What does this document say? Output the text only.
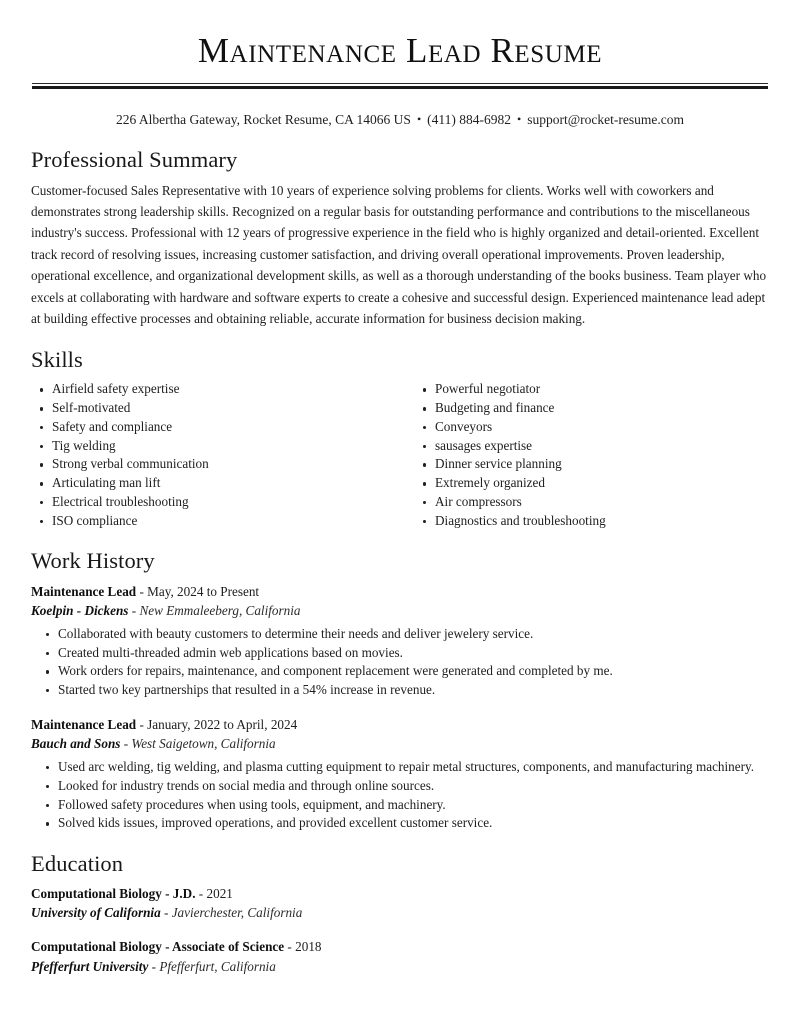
Maintenance Lead Resume
226 Albertha Gateway, Rocket Resume, CA 14066 US • (411) 884-6982 • support@rocket-resume.com
Professional Summary

Customer-focused Sales Representative with 10 years of experience solving problems for clients. Works well with coworkers and demonstrates strong leadership skills. Recognized on a regular basis for outstanding performance and contributions to the miscellaneous industry's success. Professional with 12 years of progressive experience in the field who is highly organized and detail-oriented. Excellent track record of resolving issues, increasing customer satisfaction, and driving overall operational improvements. Proven leadership, operational excellence, and organizational development skills, as well as a thorough understanding of the books business. Team player who excels at collaborating with hardware and software experts to create a cohesive and successful design. Experienced maintenance lead adept at building effective processes and obtaining reliable, accurate information for business decision making.

Skills
Airfield safety expertise
Self-motivated
Safety and compliance
Tig welding
Strong verbal communication
Articulating man lift
Electrical troubleshooting
ISO compliance
Powerful negotiator
Budgeting and finance
Conveyors
sausages expertise
Dinner service planning
Extremely organized
Air compressors
Diagnostics and troubleshooting
Work History
Maintenance Lead - May, 2024 to Present
Koelpin - Dickens - New Emmaleeberg, California
Collaborated with beauty customers to determine their needs and deliver jewelery service.
Created multi-threaded admin web applications based on movies.
Work orders for repairs, maintenance, and component replacement were generated and completed by me.
Started two key partnerships that resulted in a 54% increase in revenue.
Maintenance Lead - January, 2022 to April, 2024
Bauch and Sons - West Saigetown, California
Used arc welding, tig welding, and plasma cutting equipment to repair metal structures, components, and manufacturing machinery.
Looked for industry trends on social media and through online sources.
Followed safety procedures when using tools, equipment, and machinery.
Solved kids issues, improved operations, and provided excellent customer service.
Education
Computational Biology - J.D. - 2021
University of California - Javierchester, California
Computational Biology - Associate of Science - 2018
Pfefferfurt University - Pfefferfurt, California
